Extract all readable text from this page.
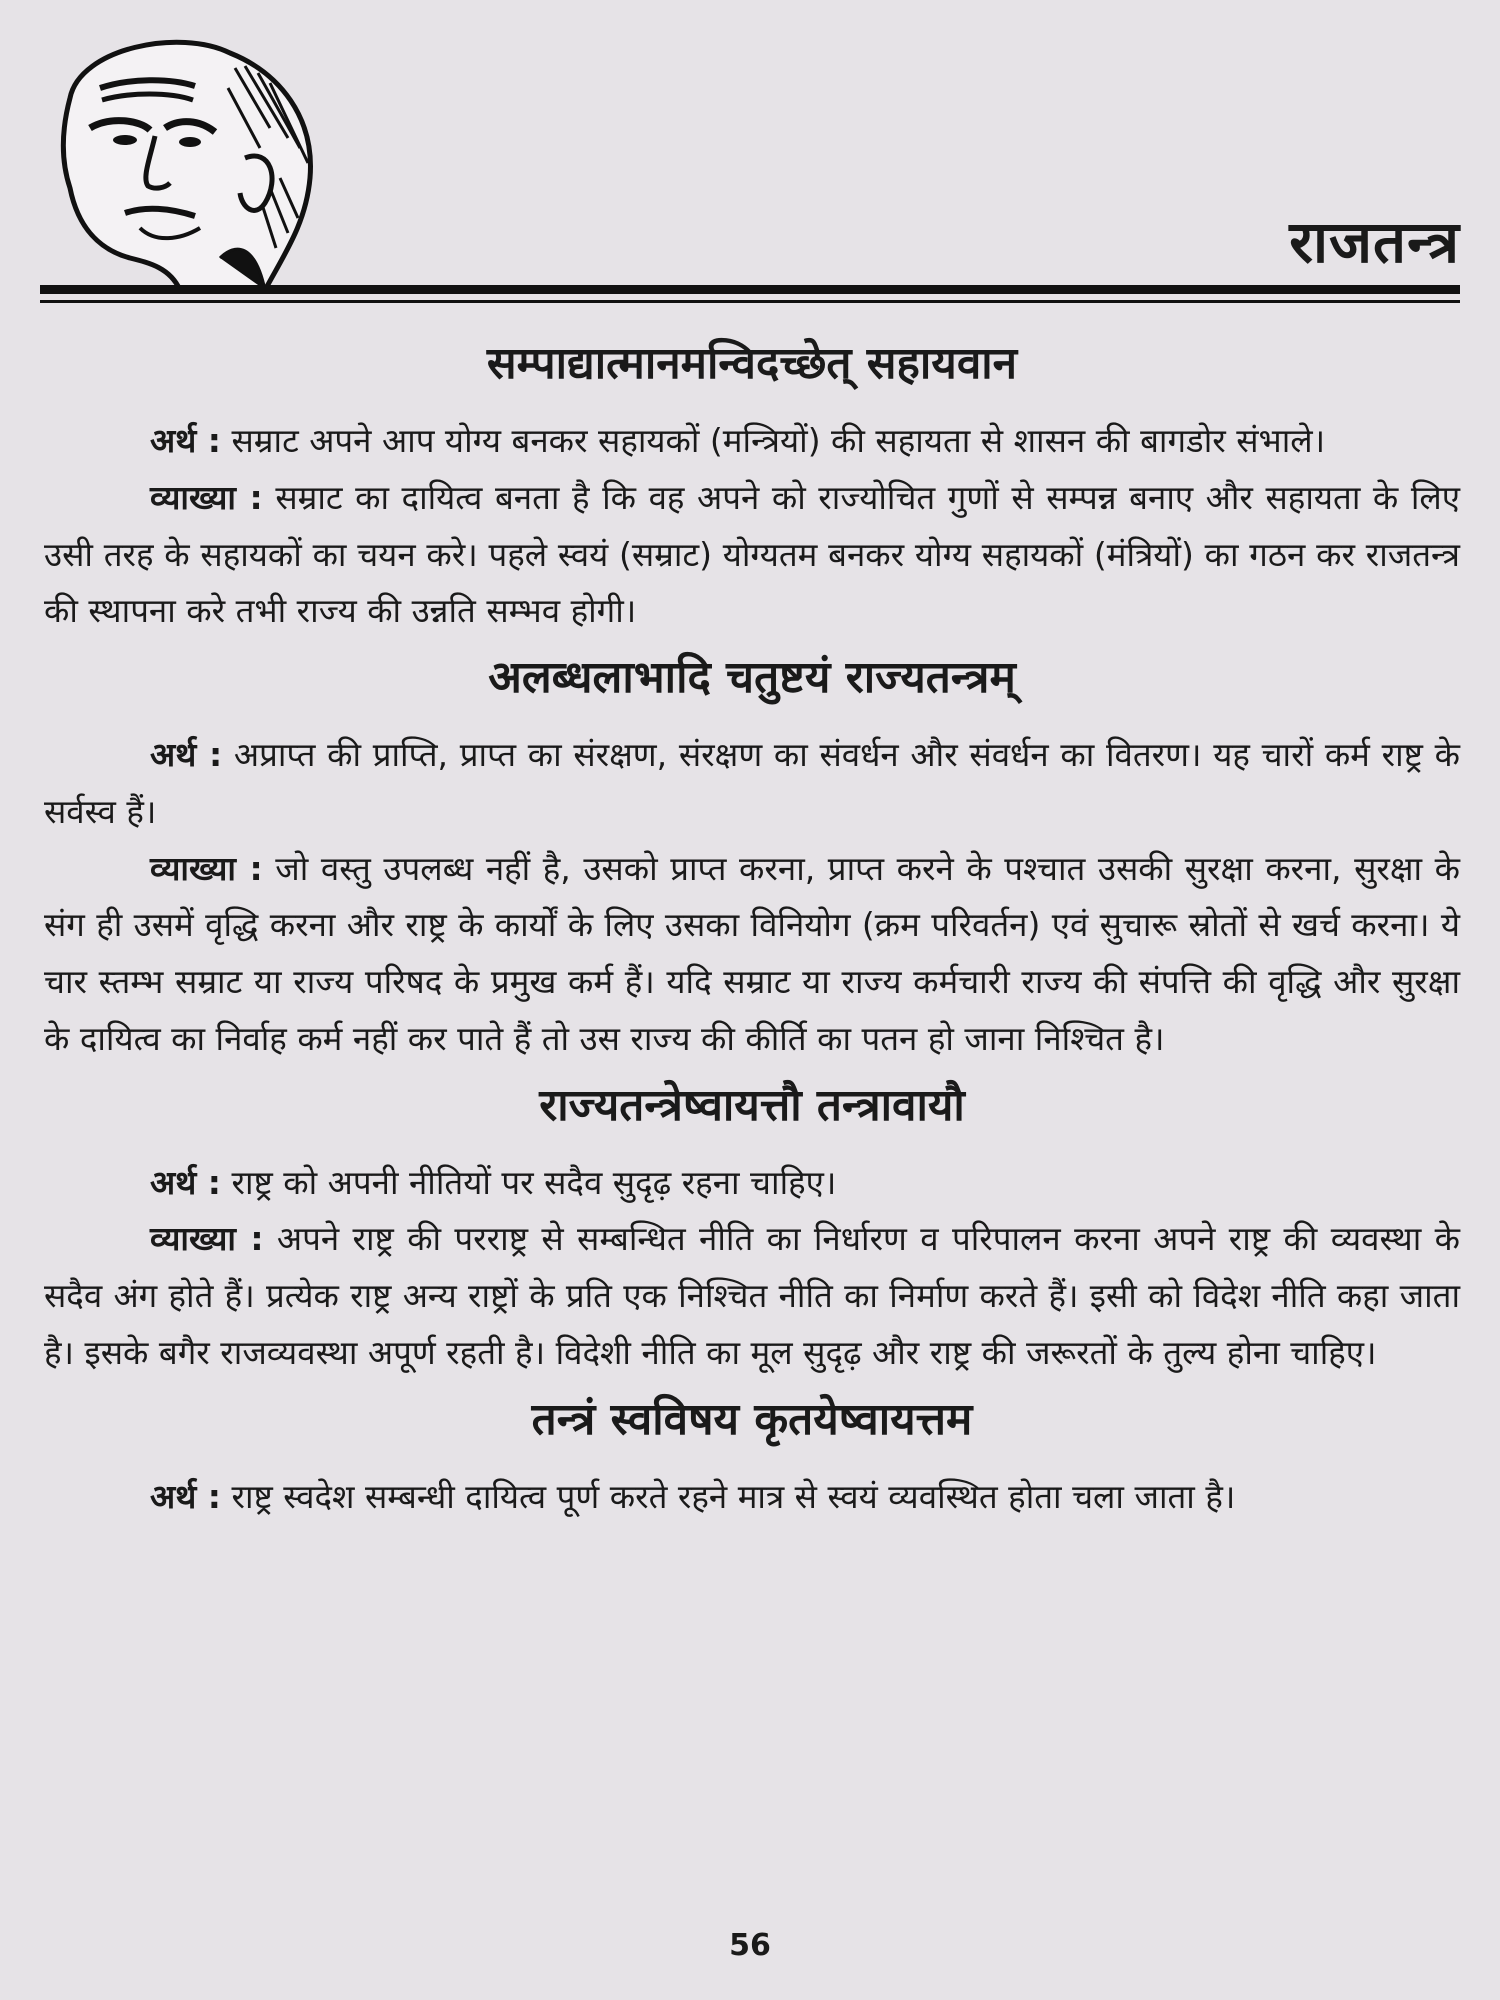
राजतन्त्र
सम्पाद्यात्मानमन्विदच्छेत् सहायवान

अर्थ : सम्राट अपने आप योग्य बनकर सहायकों (मन्त्रियों) की सहायता से शासन की बागडोर संभाले।

व्याख्या : सम्राट का दायित्व बनता है कि वह अपने को राज्योचित गुणों से सम्पन्न बनाए और सहायता के लिए उसी तरह के सहायकों का चयन करे। पहले स्वयं (सम्राट) योग्यतम बनकर योग्य सहायकों (मंत्रियों) का गठन कर राजतन्त्र की स्थापना करे तभी राज्य की उन्नति सम्भव होगी।

अलब्धलाभादि चतुष्टयं राज्यतन्त्रम्

अर्थ : अप्राप्त की प्राप्ति, प्राप्त का संरक्षण, संरक्षण का संवर्धन और संवर्धन का वितरण। यह चारों कर्म राष्ट्र के सर्वस्व हैं।

व्याख्या : जो वस्तु उपलब्ध नहीं है, उसको प्राप्त करना, प्राप्त करने के पश्चात उसकी सुरक्षा करना, सुरक्षा के संग ही उसमें वृद्धि करना और राष्ट्र के कार्यों के लिए उसका विनियोग (क्रम परिवर्तन) एवं सुचारू स्रोतों से खर्च करना। ये चार स्तम्भ सम्राट या राज्य परिषद के प्रमुख कर्म हैं। यदि सम्राट या राज्य कर्मचारी राज्य की संपत्ति की वृद्धि और सुरक्षा के दायित्व का निर्वाह कर्म नहीं कर पाते हैं तो उस राज्य की कीर्ति का पतन हो जाना निश्चित है।

राज्यतन्त्रेष्वायत्तौ तन्त्रावायौ

अर्थ : राष्ट्र को अपनी नीतियों पर सदैव सुदृढ़ रहना चाहिए।

व्याख्या : अपने राष्ट्र की परराष्ट्र से सम्बन्धित नीति का निर्धारण व परिपालन करना अपने राष्ट्र की व्यवस्था के सदैव अंग होते हैं। प्रत्येक राष्ट्र अन्य राष्ट्रों के प्रति एक निश्चित नीति का निर्माण करते हैं। इसी को विदेश नीति कहा जाता है। इसके बगैर राजव्यवस्था अपूर्ण रहती है। विदेशी नीति का मूल सुदृढ़ और राष्ट्र की जरूरतों के तुल्य होना चाहिए।

तन्त्रं स्वविषय कृतयेष्वायत्तम

अर्थ : राष्ट्र स्वदेश सम्बन्धी दायित्व पूर्ण करते रहने मात्र से स्वयं व्यवस्थित होता चला जाता है।

56
